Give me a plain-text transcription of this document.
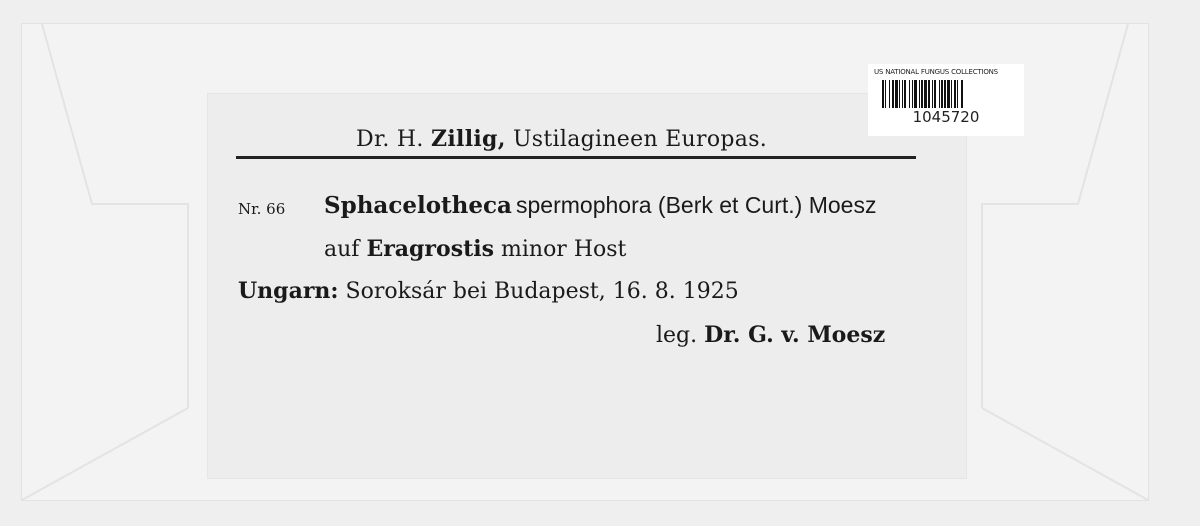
Dr. H. Zillig, Ustilagineen Europas.
Nr. 66 Sphacelotheca spermophora (Berk et Curt.) Moesz
auf Eragrostis minor Host
Ungarn: Soroksár bei Budapest, 16. 8. 1925
leg. Dr. G. v. Moesz
US NATIONAL FUNGUS COLLECTIONS
1045720
